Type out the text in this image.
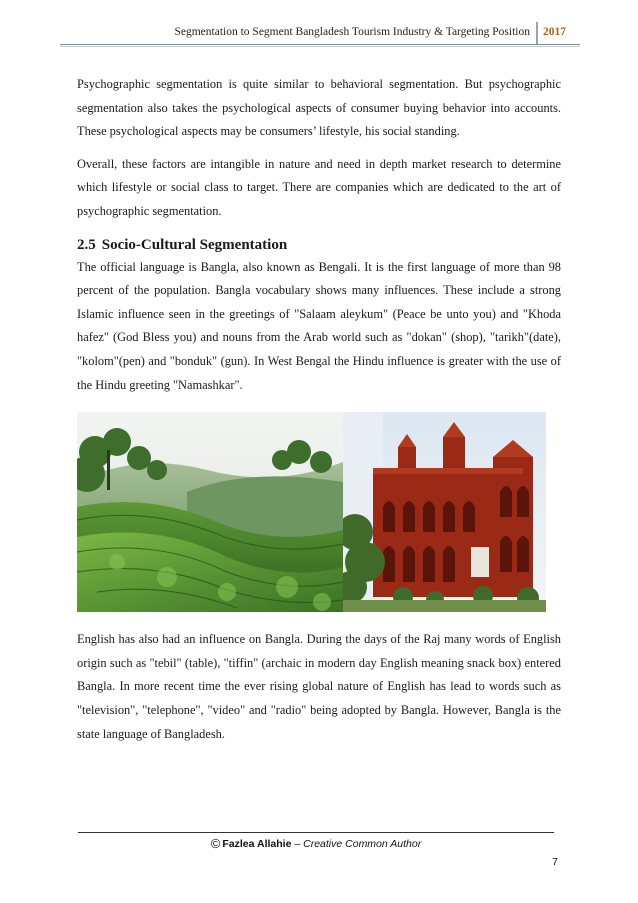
Segmentation to Segment Bangladesh Tourism Industry & Targeting Position 2017

Psychographic segmentation is quite similar to behavioral segmentation. But psychographic segmentation also takes the psychological aspects of consumer buying behavior into accounts. These psychological aspects may be consumers’ lifestyle, his social standing.

Overall, these factors are intangible in nature and need in depth market research to determine which lifestyle or social class to target. There are companies which are dedicated to the art of psychographic segmentation.

2.5 Socio-Cultural Segmentation

The official language is Bangla, also known as Bengali. It is the first language of more than 98 percent of the population. Bangla vocabulary shows many influences. These include a strong Islamic influence seen in the greetings of "Salaam aleykum" (Peace be unto you) and "Khoda hafez" (God Bless you) and nouns from the Arab world such as "dokan" (shop), "tarikh"(date), "kolom"(pen) and "bonduk" (gun). In West Bengal the Hindu influence is greater with the use of the Hindu greeting "Namashkar".

English has also had an influence on Bangla. During the days of the Raj many words of English origin such as "tebil" (table), "tiffin" (archaic in modern day English meaning snack box) entered Bangla. In more recent time the ever rising global nature of English has lead to words such as "television", "telephone", "video" and "radio" being adopted by Bangla. However, Bangla is the state language of Bangladesh.

© Fazlea Allahie – Creative Common Author
7
